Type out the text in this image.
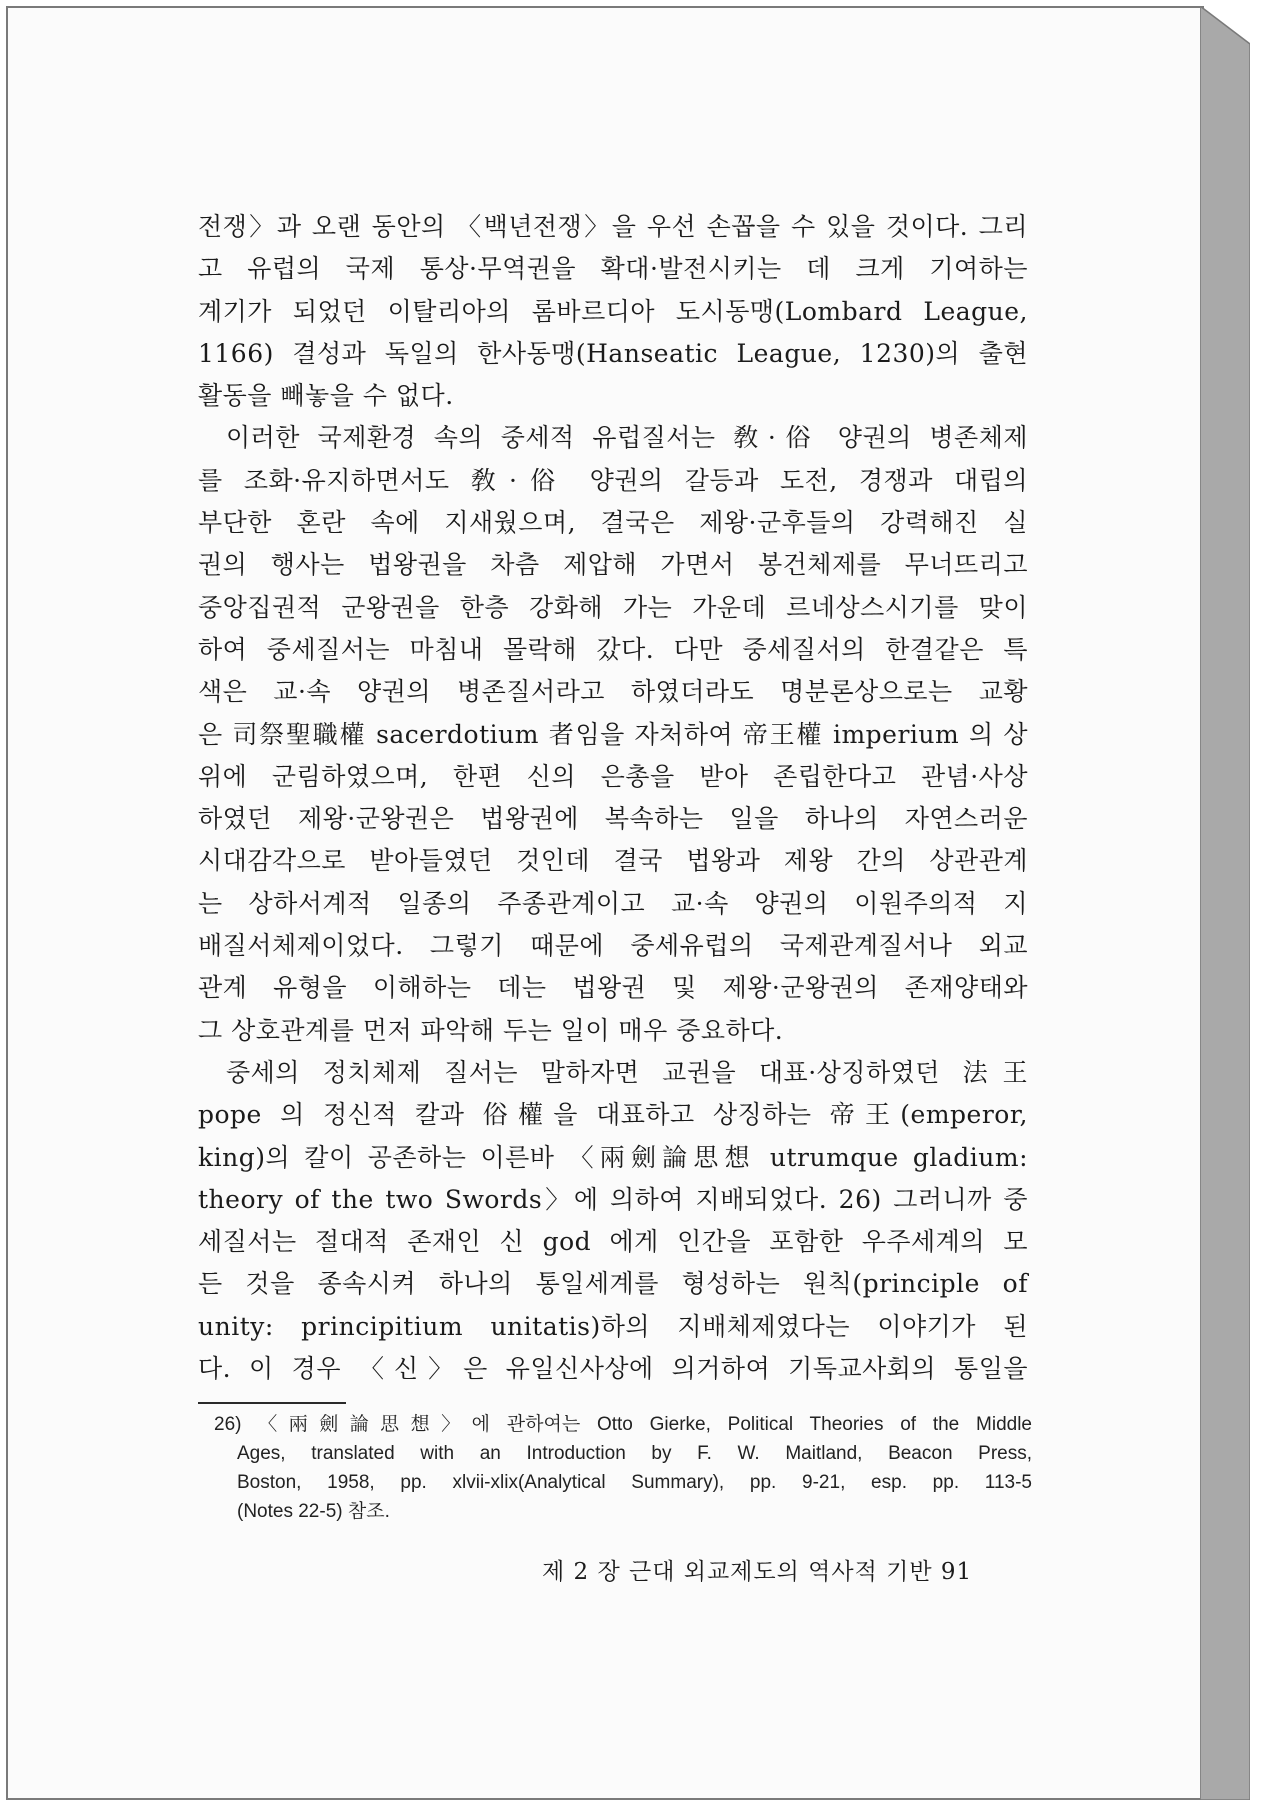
전쟁〉과 오랜 동안의 〈백년전쟁〉을 우선 손꼽을 수 있을 것이다. 그리
고 유럽의 국제 통상·무역권을 확대·발전시키는 데 크게 기여하는
계기가 되었던 이탈리아의 롬바르디아 도시동맹(Lombard League,
1166) 결성과 독일의 한사동맹(Hanseatic League, 1230)의 출현
활동을 빼놓을 수 없다.
이러한 국제환경 속의 중세적 유럽질서는 敎·俗 양권의 병존체제
를 조화·유지하면서도 敎·俗 양권의 갈등과 도전, 경쟁과 대립의
부단한 혼란 속에 지새웠으며, 결국은 제왕·군후들의 강력해진 실
권의 행사는 법왕권을 차츰 제압해 가면서 봉건체제를 무너뜨리고
중앙집권적 군왕권을 한층 강화해 가는 가운데 르네상스시기를 맞이
하여 중세질서는 마침내 몰락해 갔다. 다만 중세질서의 한결같은 특
색은 교·속 양권의 병존질서라고 하였더라도 명분론상으로는 교황
은 司祭聖職權 sacerdotium 者임을 자처하여 帝王權 imperium 의 상
위에 군림하였으며, 한편 신의 은총을 받아 존립한다고 관념·사상
하였던 제왕·군왕권은 법왕권에 복속하는 일을 하나의 자연스러운
시대감각으로 받아들였던 것인데 결국 법왕과 제왕 간의 상관관계
는 상하서계적 일종의 주종관계이고 교·속 양권의 이원주의적 지
배질서체제이었다. 그렇기 때문에 중세유럽의 국제관계질서나 외교
관계 유형을 이해하는 데는 법왕권 및 제왕·군왕권의 존재양태와
그 상호관계를 먼저 파악해 두는 일이 매우 중요하다.
중세의 정치체제 질서는 말하자면 교권을 대표·상징하였던 法王
pope 의 정신적 칼과 俗權을 대표하고 상징하는 帝王(emperor,
king)의 칼이 공존하는 이른바 〈兩劍論思想 utrumque gladium:
theory of the two Swords〉에 의하여 지배되었다. 26) 그러니까 중
세질서는 절대적 존재인 신 god 에게 인간을 포함한 우주세계의 모
든 것을 종속시켜 하나의 통일세계를 형성하는 원칙(principle of
unity: principitium unitatis)하의 지배체제였다는 이야기가 된
다. 이 경우 〈신〉은 유일신사상에 의거하여 기독교사회의 통일을
26) 〈兩劍論思想〉에 관하여는 Otto Gierke, Political Theories of the Middle
Ages, translated with an Introduction by F. W. Maitland, Beacon Press,
Boston, 1958, pp. xlvii-xlix(Analytical Summary), pp. 9-21, esp. pp. 113-5
(Notes 22-5) 참조.
제 2 장 근대 외교제도의 역사적 기반 91
